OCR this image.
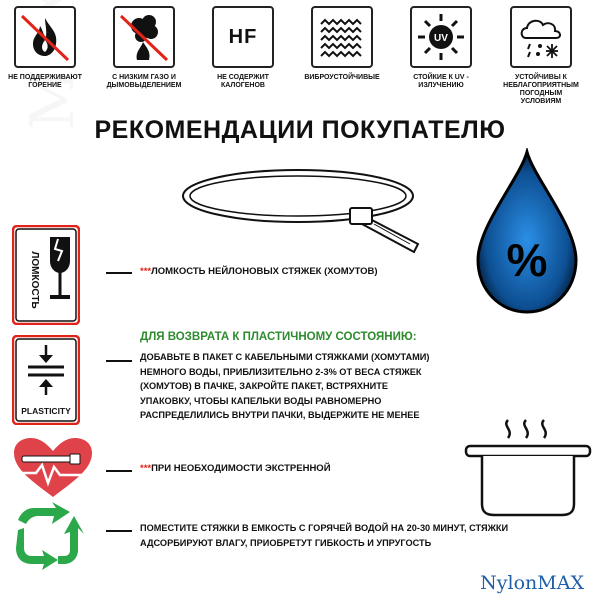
НЕ ПОДДЕРЖИВАЮТ ГОРЕНИЕ
С НИЗКИМ ГАЗО И ДЫМОВЫДЕЛЕНИЕМ
HF
НЕ СОДЕРЖИТ КАЛОГЕНОВ
ВИБРОУСТОЙЧИВЫЕ
UV
СТОЙКИЕ К UV - ИЗЛУЧЕНИЮ
УСТОЙЧИВЫ К НЕБЛАГОПРИЯТНЫМ ПОГОДНЫМ УСЛОВИЯМ
РЕКОМЕНДАЦИИ ПОКУПАТЕЛЮ
%
ЛОМКОСТЬ	***ЛОМКОСТЬ НЕЙЛОНОВЫХ СТЯЖЕК (ХОМУТОВ)
PLASTICITY
ДЛЯ ВОЗВРАТА К ПЛАСТИЧНОМУ СОСТОЯНИЮ:
ДОБАВЬТЕ В ПАКЕТ С КАБЕЛЬНЫМИ СТЯЖКАМИ (ХОМУТАМИ) НЕМНОГО ВОДЫ, ПРИБЛИЗИТЕЛЬНО 2-3% ОТ ВЕСА СТЯЖЕК (ХОМУТОВ) В ПАЧКЕ, ЗАКРОЙТЕ ПАКЕТ, ВСТРЯХНИТЕ УПАКОВКУ, ЧТОБЫ КАПЕЛЬКИ ВОДЫ РАВНОМЕРНО РАСПРЕДЕЛИЛИСЬ ВНУТРИ ПАЧКИ, ВЫДЕРЖИТЕ НЕ МЕНЕЕ
***ПРИ НЕОБХОДИМОСТИ ЭКСТРЕННОЙ
ПОМЕСТИТЕ СТЯЖКИ В ЕМКОСТЬ С ГОРЯЧЕЙ ВОДОЙ НА 20-30 МИНУТ, СТЯЖКИ АДСОРБИРУЮТ ВЛАГУ, ПРИОБРЕТУТ ГИБКОСТЬ И УПРУГОСТЬ
NylonMAX
